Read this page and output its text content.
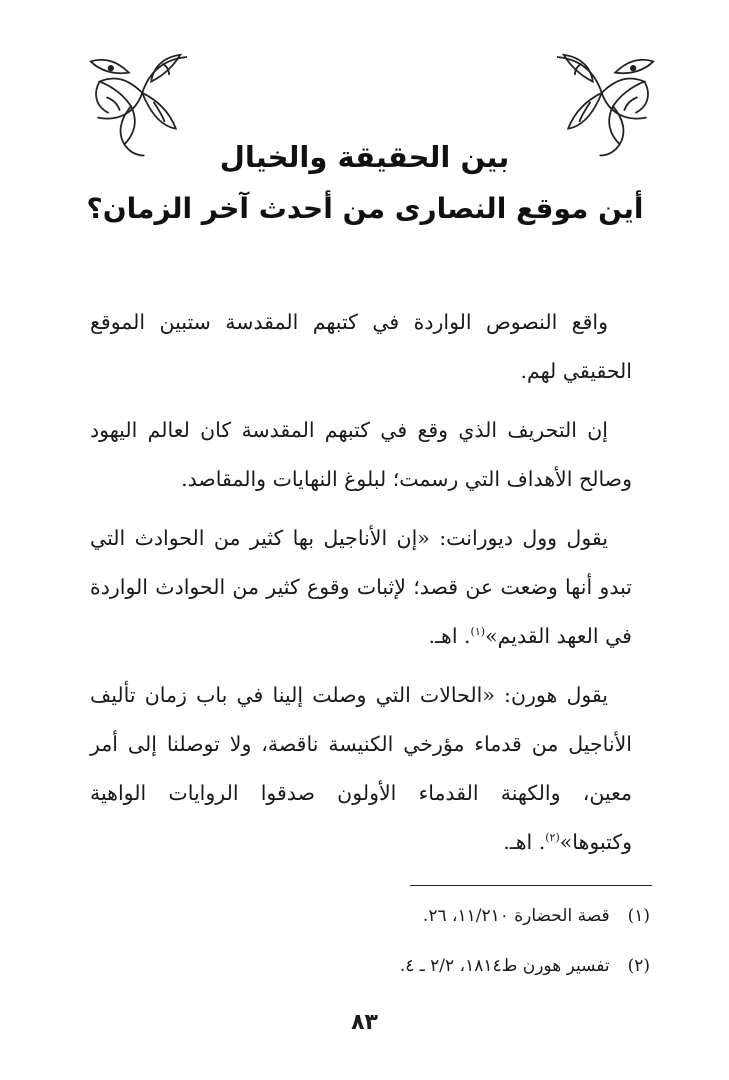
بين الحقيقة والخيال
أين موقع النصارى من أحدث آخر الزمان؟

واقع النصوص الواردة في كتبهم المقدسة ستبين الموقع الحقيقي لهم.

إن التحريف الذي وقع في كتبهم المقدسة كان لعالم اليهود وصالح الأهداف التي رسمت؛ لبلوغ النهايات والمقاصد.

يقول وول ديورانت: «إن الأناجيل بها كثير من الحوادث التي تبدو أنها وضعت عن قصد؛ لإثبات وقوع كثير من الحوادث الواردة في العهد القديم»$^{(١)}$. اهـ.

يقول هورن: «الحالات التي وصلت إلينا في باب زمان تأليف الأناجيل من قدماء مؤرخي الكنيسة ناقصة، ولا توصلنا إلى أمر معين، والكهنة القدماء الأولون صدقوا الروايات الواهية وكتبوها»$^{(٢)}$. اهـ.

(١)قصة الحضارة ١١/٢١٠، ٢٦.
(٢)تفسير هورن ط١٨١٤، ٢/٢ ـ ٤.
٨٣
